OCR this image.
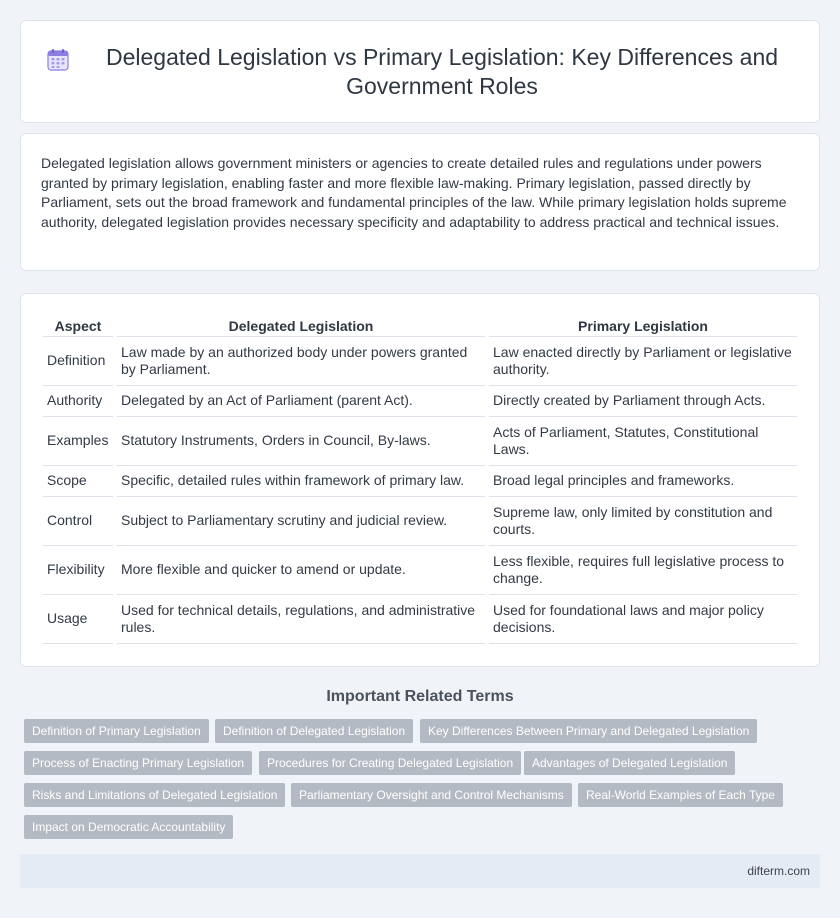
Delegated Legislation vs Primary Legislation: Key Differences and Government Roles

Delegated legislation allows government ministers or agencies to create detailed rules and regulations under powers granted by primary legislation, enabling faster and more flexible law-making. Primary legislation, passed directly by Parliament, sets out the broad framework and fundamental principles of the law. While primary legislation holds supreme authority, delegated legislation provides necessary specificity and adaptability to address practical and technical issues.

Aspect	Delegated Legislation	Primary Legislation
Definition	Law made by an authorized body under powers granted by Parliament.	Law enacted directly by Parliament or legislative authority.
Authority	Delegated by an Act of Parliament (parent Act).	Directly created by Parliament through Acts.
Examples	Statutory Instruments, Orders in Council, By-laws.	Acts of Parliament, Statutes, Constitutional Laws.
Scope	Specific, detailed rules within framework of primary law.	Broad legal principles and frameworks.
Control	Subject to Parliamentary scrutiny and judicial review.	Supreme law, only limited by constitution and courts.
Flexibility	More flexible and quicker to amend or update.	Less flexible, requires full legislative process to change.
Usage	Used for technical details, regulations, and administrative rules.	Used for foundational laws and major policy decisions.
Important Related Terms
Definition of Primary Legislation	Definition of Delegated Legislation	Key Differences Between Primary and Delegated Legislation
Process of Enacting Primary Legislation	Procedures for Creating Delegated Legislation	Advantages of Delegated Legislation
Risks and Limitations of Delegated Legislation	Parliamentary Oversight and Control Mechanisms	Real-World Examples of Each Type
Impact on Democratic Accountability
difterm.com
